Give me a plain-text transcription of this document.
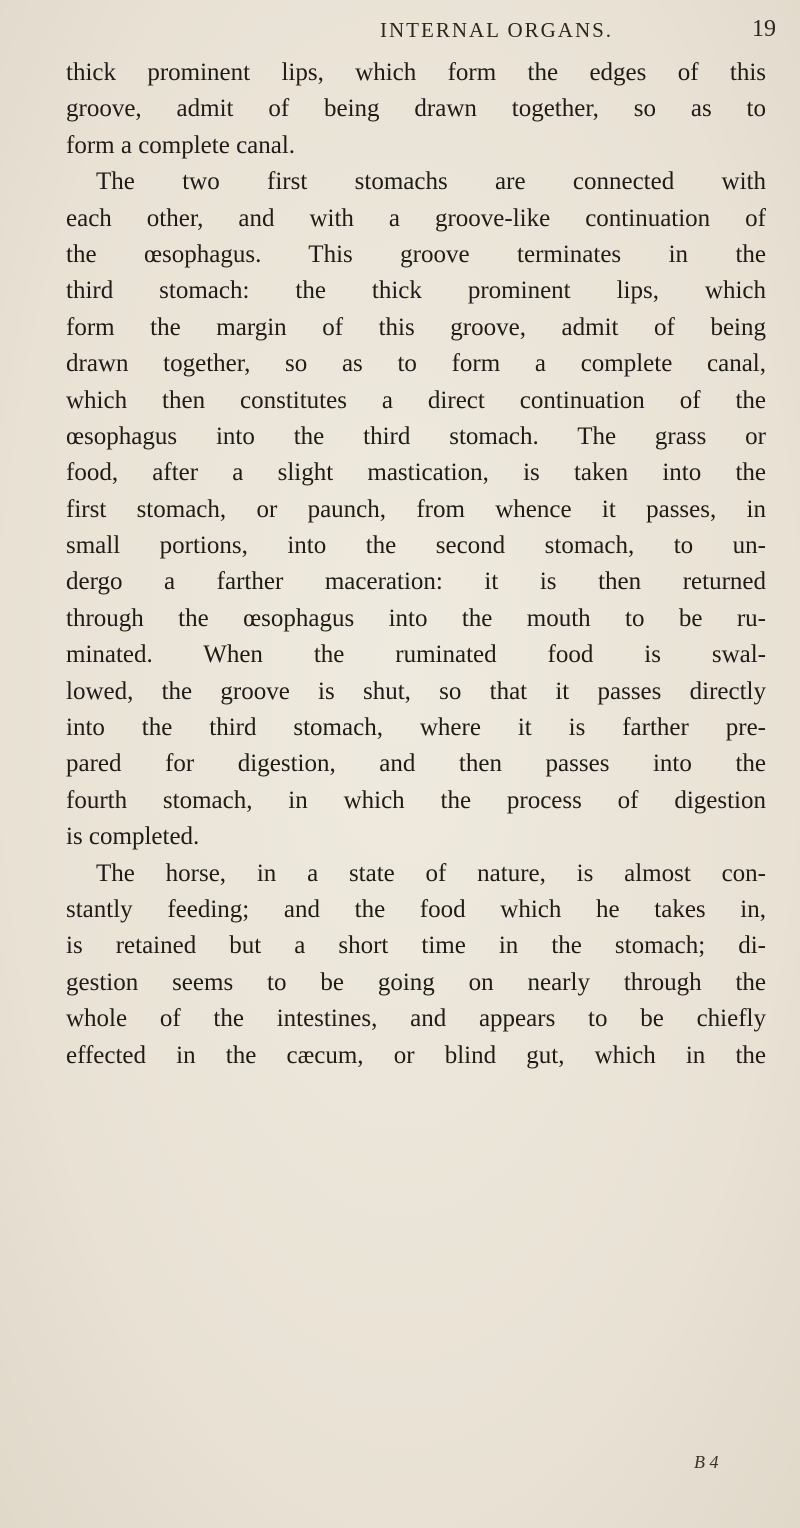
INTERNAL ORGANS.	19
thick prominent lips, which form the edges of this
groove, admit of being drawn together, so as to
form a complete canal.
The two first stomachs are connected with
each other, and with a groove-like continuation of
the œsophagus. This groove terminates in the
third stomach: the thick prominent lips, which
form the margin of this groove, admit of being
drawn together, so as to form a complete canal,
which then constitutes a direct continuation of the
œsophagus into the third stomach. The grass or
food, after a slight mastication, is taken into the
first stomach, or paunch, from whence it passes, in
small portions, into the second stomach, to un-
dergo a farther maceration: it is then returned
through the œsophagus into the mouth to be ru-
minated. When the ruminated food is swal-
lowed, the groove is shut, so that it passes directly
into the third stomach, where it is farther pre-
pared for digestion, and then passes into the
fourth stomach, in which the process of digestion
is completed.
The horse, in a state of nature, is almost con-
stantly feeding; and the food which he takes in,
is retained but a short time in the stomach; di-
gestion seems to be going on nearly through the
whole of the intestines, and appears to be chiefly
effected in the cæcum, or blind gut, which in the
B 4
